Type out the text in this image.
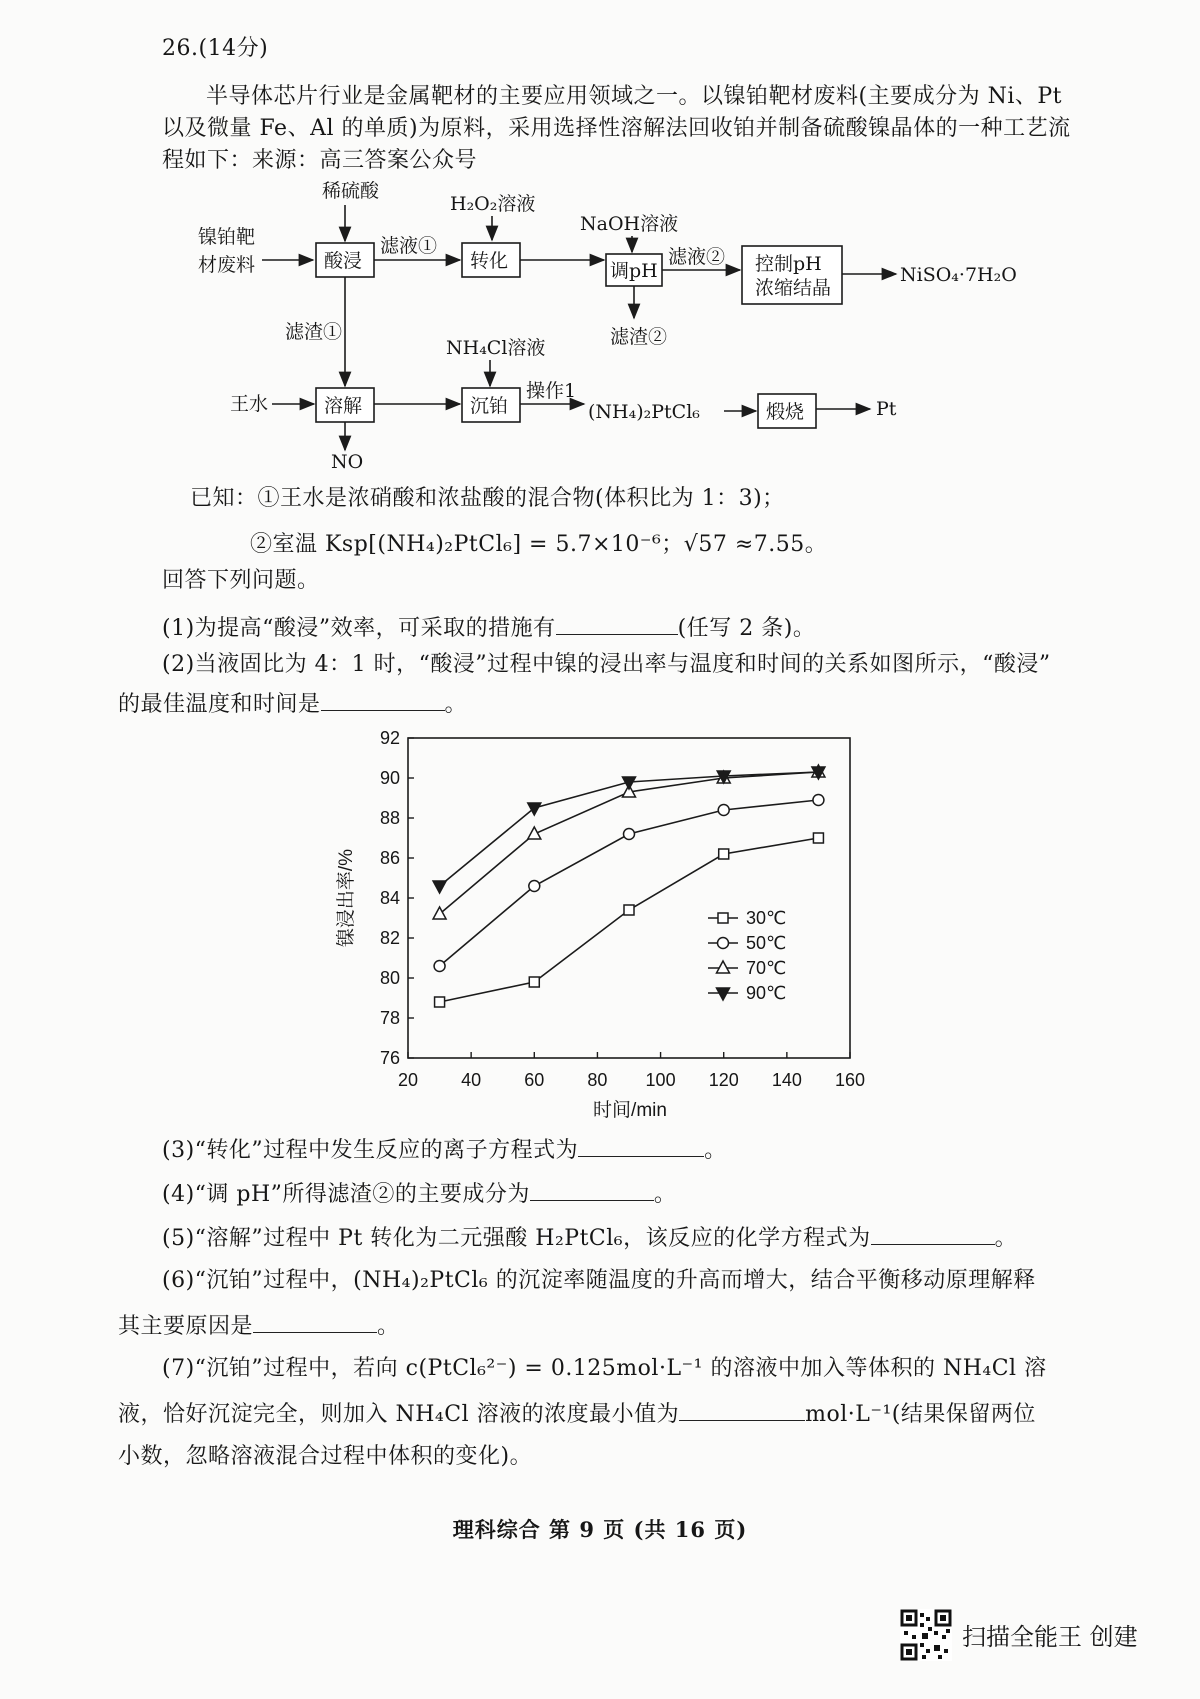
26.(14分)
半导体芯片行业是金属靶材的主要应用领域之一。以镍铂靶材废料(主要成分为 Ni、Pt
以及微量 Fe、Al 的单质)为原料，采用选择性溶解法回收铂并制备硫酸镍晶体的一种工艺流
程如下：来源：高三答案公众号
镍铂靶
材废料
稀硫酸
酸浸
滤液①
H₂O₂溶液
转化
NaOH溶液
调pH
滤渣②
滤液② 控制pH
浓缩结晶
NiSO₄·7H₂O
滤渣①
王水	溶解
NO
NH₄Cl溶液
沉铂
操作1
(NH₄)₂PtCl₆	煅烧	Pt
已知：①王水是浓硝酸和浓盐酸的混合物(体积比为 1：3)；
②室温 Ksp[(NH₄)₂PtCl₆] = 5.7×10⁻⁶；√57 ≈7.55。
回答下列问题。
(1)为提高“酸浸”效率，可采取的措施有	(任写 2 条)。
(2)当液固比为 4：1 时，“酸浸”过程中镍的浸出率与温度和时间的关系如图所示，“酸浸”
的最佳温度和时间是	。
20 40 60 80 100 120 140 160
76
78
80
82
84
86
88
90
92
镍浸出率/%
时间/min
30℃
50℃
70℃
90℃
(3)“转化”过程中发生反应的离子方程式为	。
(4)“调 pH”所得滤渣②的主要成分为	。
(5)“溶解”过程中 Pt 转化为二元强酸 H₂PtCl₆，该反应的化学方程式为	。
(6)“沉铂”过程中，(NH₄)₂PtCl₆ 的沉淀率随温度的升高而增大，结合平衡移动原理解释
其主要原因是	。
(7)“沉铂”过程中，若向 c(PtCl₆²⁻) = 0.125mol·L⁻¹ 的溶液中加入等体积的 NH₄Cl 溶
液，恰好沉淀完全，则加入 NH₄Cl 溶液的浓度最小值为	mol·L⁻¹(结果保留两位
小数，忽略溶液混合过程中体积的变化)。
理科综合 第 9 页 (共 16 页)
扫描全能王 创建
